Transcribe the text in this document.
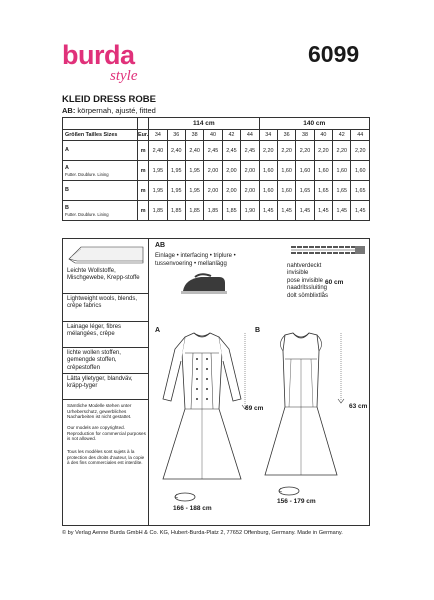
burda
style
6099
KLEID DRESS ROBE
AB: körpernah, ajusté, fitted
		114 cm						140 cm					
Größen Tailles Sizes	Eur.	34	36	38	40	42	44	34	36	38	40	42	44

A	m	2,40	2,40	2,40	2,45	2,45	2,45	2,20	2,20	2,20	2,20	2,20	2,20

A
Futter. Doublure. Lining	m	1,95	1,95	1,95	2,00	2,00	2,00	1,60	1,60	1,60	1,60	1,60	1,60

B	m	1,95	1,95	1,95	2,00	2,00	2,00	1,60	1,60	1,65	1,65	1,65	1,65

B
Futter. Doublure. Lining	m	1,85	1,85	1,85	1,85	1,85	1,90	1,45	1,45	1,45	1,45	1,45	1,45
Leichte Wollstoffe, Mischgewebe, Krepp-stoffe
Lightweight wools, blends, crêpe fabrics
Lainage léger, fibres mélangées, crêpe
lichte wollen stoffen, gemengde stoffen, crêpestoffen
Lätta ylletyger, blandväv, kräpp-tyger
Sämtliche Modelle stehen unter Urheberschutz, gewerbliches Nacharbeiten ist nicht gestattet.
Our models are copyrighted. Reproduction for commercial purposes is not allowed.
Tous les modèles sont sujets à la protection des droits d'auteur, la copie à des fins commerciales est interdite.
AB
Einlage • interfacing • triplure • tussenvoering • mellanlägg	nahtverdeckt
invisible
pose invisible
naadritssluiting
dolt sömblixtlås
60 cm
A	B
69 cm	63 cm
166 - 188 cm
156 - 179 cm
© by Verlag Aenne Burda GmbH & Co. KG, Hubert-Burda-Platz 2, 77652 Offenburg, Germany. Made in Germany.
